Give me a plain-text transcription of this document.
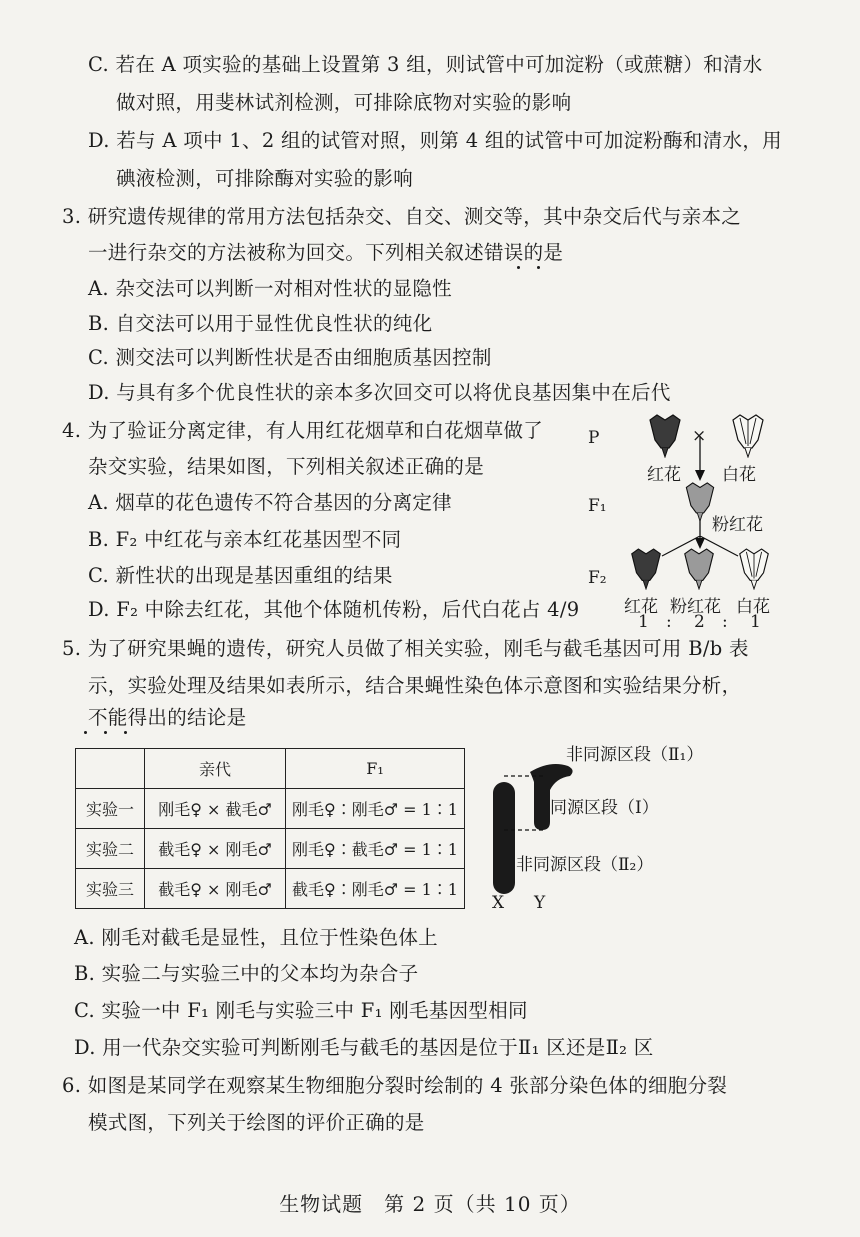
C. 若在 A 项实验的基础上设置第 3 组，则试管中可加淀粉（或蔗糖）和清水
做对照，用斐林试剂检测，可排除底物对实验的影响
D. 若与 A 项中 1、2 组的试管对照，则第 4 组的试管中可加淀粉酶和清水，用
碘液检测，可排除酶对实验的影响
3. 研究遗传规律的常用方法包括杂交、自交、测交等，其中杂交后代与亲本之
一进行杂交的方法被称为回交。下列相关叙述错误的是
A. 杂交法可以判断一对相对性状的显隐性
B. 自交法可以用于显性优良性状的纯化
C. 测交法可以判断性状是否由细胞质基因控制
D. 与具有多个优良性状的亲本多次回交可以将优良基因集中在后代
4. 为了验证分离定律，有人用红花烟草和白花烟草做了
杂交实验，结果如图，下列相关叙述正确的是
A. 烟草的花色遗传不符合基因的分离定律
B. F₂ 中红花与亲本红花基因型不同
C. 新性状的出现是基因重组的结果
D. F₂ 中除去红花，其他个体随机传粉，后代白花占 4/9
P	×
红花 白花
F₁
粉红花
F₂
红花 粉红花 白花
1 : 2 : 1
5. 为了研究果蝇的遗传，研究人员做了相关实验，刚毛与截毛基因可用 B/b 表
示，实验处理及结果如表所示，结合果蝇性染色体示意图和实验结果分析，
不能得出的结论是
	亲代	F₁
实验一	刚毛♀ × 截毛♂	刚毛♀∶刚毛♂ = 1∶1
实验二	截毛♀ × 刚毛♂	刚毛♀∶截毛♂ = 1∶1
实验三	截毛♀ × 刚毛♂	截毛♀∶刚毛♂ = 1∶1
非同源区段（Ⅱ₁）
同源区段（Ⅰ）
非同源区段（Ⅱ₂）
X Y
A. 刚毛对截毛是显性，且位于性染色体上
B. 实验二与实验三中的父本均为杂合子
C. 实验一中 F₁ 刚毛与实验三中 F₁ 刚毛基因型相同
D. 用一代杂交实验可判断刚毛与截毛的基因是位于Ⅱ₁ 区还是Ⅱ₂ 区
6. 如图是某同学在观察某生物细胞分裂时绘制的 4 张部分染色体的细胞分裂
模式图，下列关于绘图的评价正确的是
生物试题　第 2 页（共 10 页）
